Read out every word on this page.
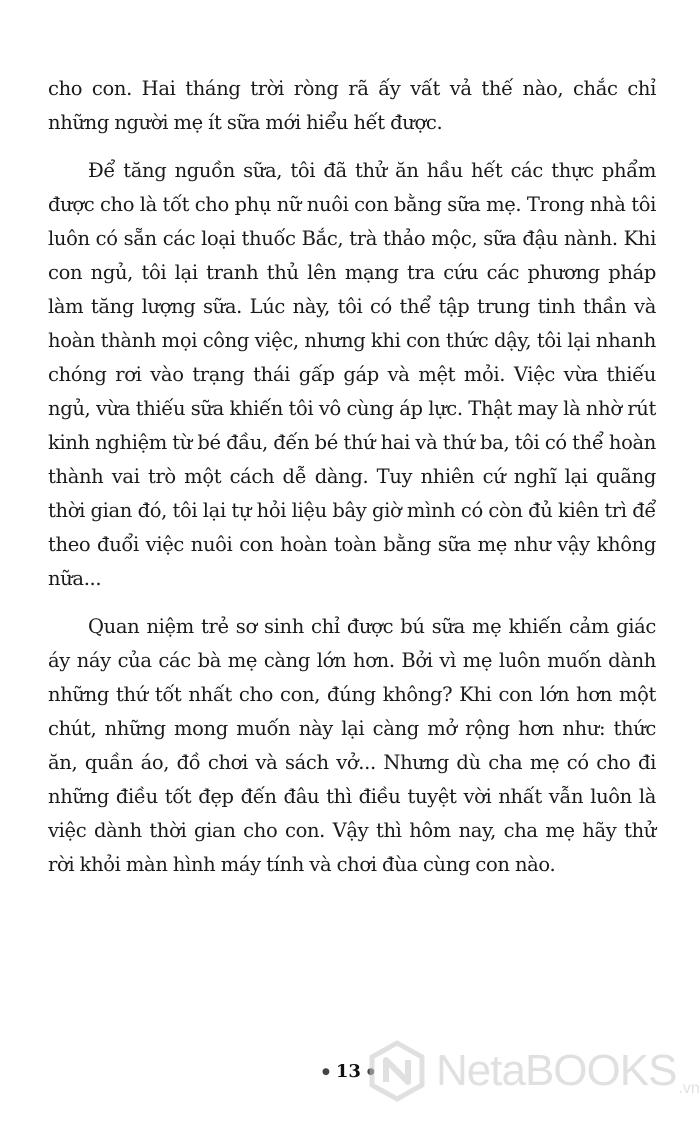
cho con. Hai tháng trời ròng rã ấy vất vả thế nào, chắc chỉ những người mẹ ít sữa mới hiểu hết được.

Để tăng nguồn sữa, tôi đã thử ăn hầu hết các thực phẩm được cho là tốt cho phụ nữ nuôi con bằng sữa mẹ. Trong nhà tôi luôn có sẵn các loại thuốc Bắc, trà thảo mộc, sữa đậu nành. Khi con ngủ, tôi lại tranh thủ lên mạng tra cứu các phương pháp làm tăng lượng sữa. Lúc này, tôi có thể tập trung tinh thần và hoàn thành mọi công việc, nhưng khi con thức dậy, tôi lại nhanh chóng rơi vào trạng thái gấp gáp và mệt mỏi. Việc vừa thiếu ngủ, vừa thiếu sữa khiến tôi vô cùng áp lực. Thật may là nhờ rút kinh nghiệm từ bé đầu, đến bé thứ hai và thứ ba, tôi có thể hoàn thành vai trò một cách dễ dàng. Tuy nhiên cứ nghĩ lại quãng thời gian đó, tôi lại tự hỏi liệu bây giờ mình có còn đủ kiên trì để theo đuổi việc nuôi con hoàn toàn bằng sữa mẹ như vậy không nữa...

Quan niệm trẻ sơ sinh chỉ được bú sữa mẹ khiến cảm giác áy náy của các bà mẹ càng lớn hơn. Bởi vì mẹ luôn muốn dành những thứ tốt nhất cho con, đúng không? Khi con lớn hơn một chút, những mong muốn này lại càng mở rộng hơn như: thức ăn, quần áo, đồ chơi và sách vở... Nhưng dù cha mẹ có cho đi những điều tốt đẹp đến đâu thì điều tuyệt vời nhất vẫn luôn là việc dành thời gian cho con. Vậy thì hôm nay, cha mẹ hãy thử rời khỏi màn hình máy tính và chơi đùa cùng con nào.

● 13 ● NetaBOOKS .vn
